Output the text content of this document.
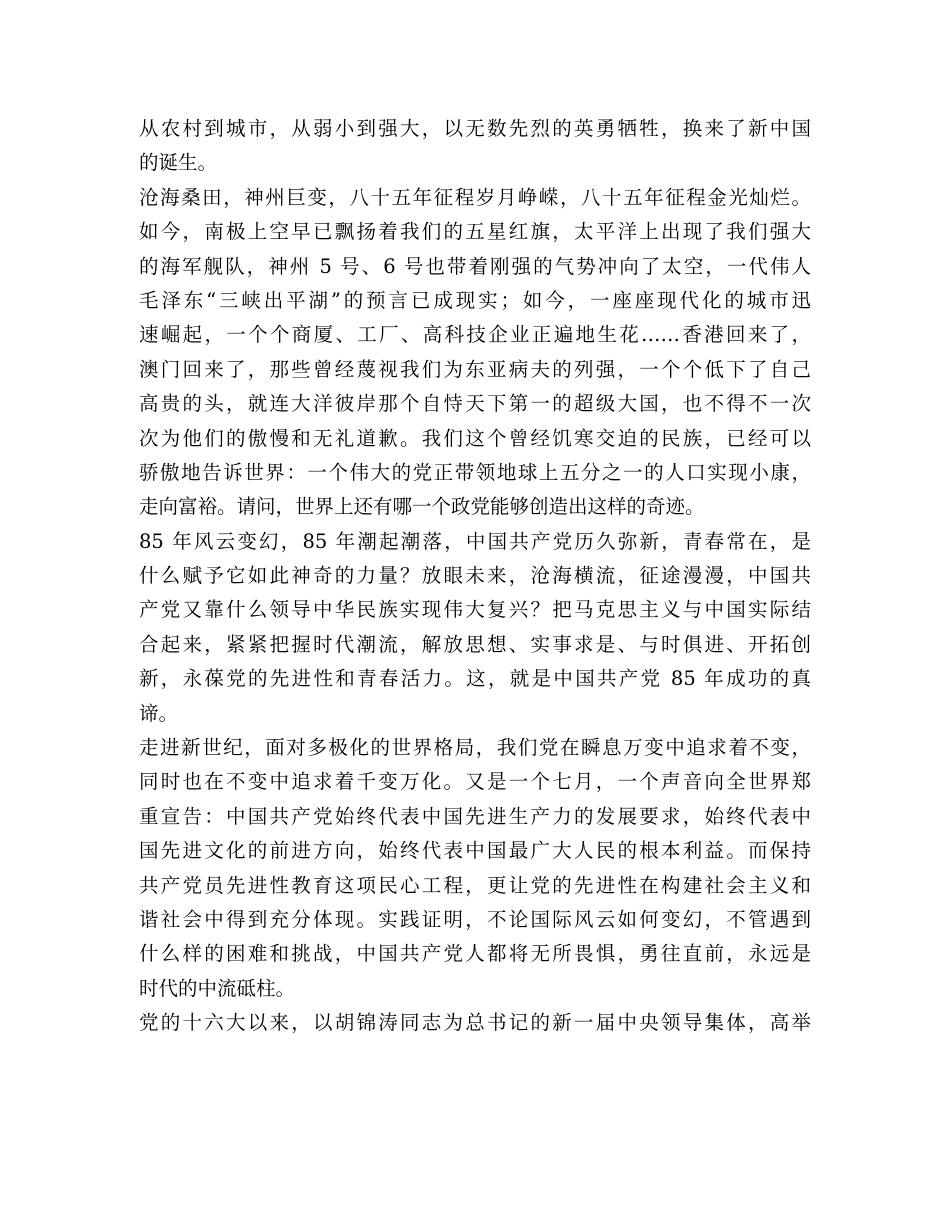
从农村到城市，从弱小到强大，以无数先烈的英勇牺牲，换来了新中国
的诞生。
沧海桑田，神州巨变，八十五年征程岁月峥嵘，八十五年征程金光灿烂。
如今，南极上空早已飘扬着我们的五星红旗，太平洋上出现了我们强大
的海军舰队，神州 5 号、6 号也带着刚强的气势冲向了太空，一代伟人
毛泽东“三峡出平湖”的预言已成现实；如今，一座座现代化的城市迅
速崛起，一个个商厦、工厂、高科技企业正遍地生花……香港回来了，
澳门回来了，那些曾经蔑视我们为东亚病夫的列强，一个个低下了自己
高贵的头，就连大洋彼岸那个自恃天下第一的超级大国，也不得不一次
次为他们的傲慢和无礼道歉。我们这个曾经饥寒交迫的民族，已经可以
骄傲地告诉世界：一个伟大的党正带领地球上五分之一的人口实现小康，
走向富裕。请问，世界上还有哪一个政党能够创造出这样的奇迹。
85 年风云变幻，85 年潮起潮落，中国共产党历久弥新，青春常在，是
什么赋予它如此神奇的力量？放眼未来，沧海横流，征途漫漫，中国共
产党又靠什么领导中华民族实现伟大复兴？把马克思主义与中国实际结
合起来，紧紧把握时代潮流，解放思想、实事求是、与时俱进、开拓创
新，永葆党的先进性和青春活力。这，就是中国共产党 85 年成功的真
谛。
走进新世纪，面对多极化的世界格局，我们党在瞬息万变中追求着不变，
同时也在不变中追求着千变万化。又是一个七月，一个声音向全世界郑
重宣告：中国共产党始终代表中国先进生产力的发展要求，始终代表中
国先进文化的前进方向，始终代表中国最广大人民的根本利益。而保持
共产党员先进性教育这项民心工程，更让党的先进性在构建社会主义和
谐社会中得到充分体现。实践证明，不论国际风云如何变幻，不管遇到
什么样的困难和挑战，中国共产党人都将无所畏惧，勇往直前，永远是
时代的中流砥柱。
党的十六大以来，以胡锦涛同志为总书记的新一届中央领导集体，高举
